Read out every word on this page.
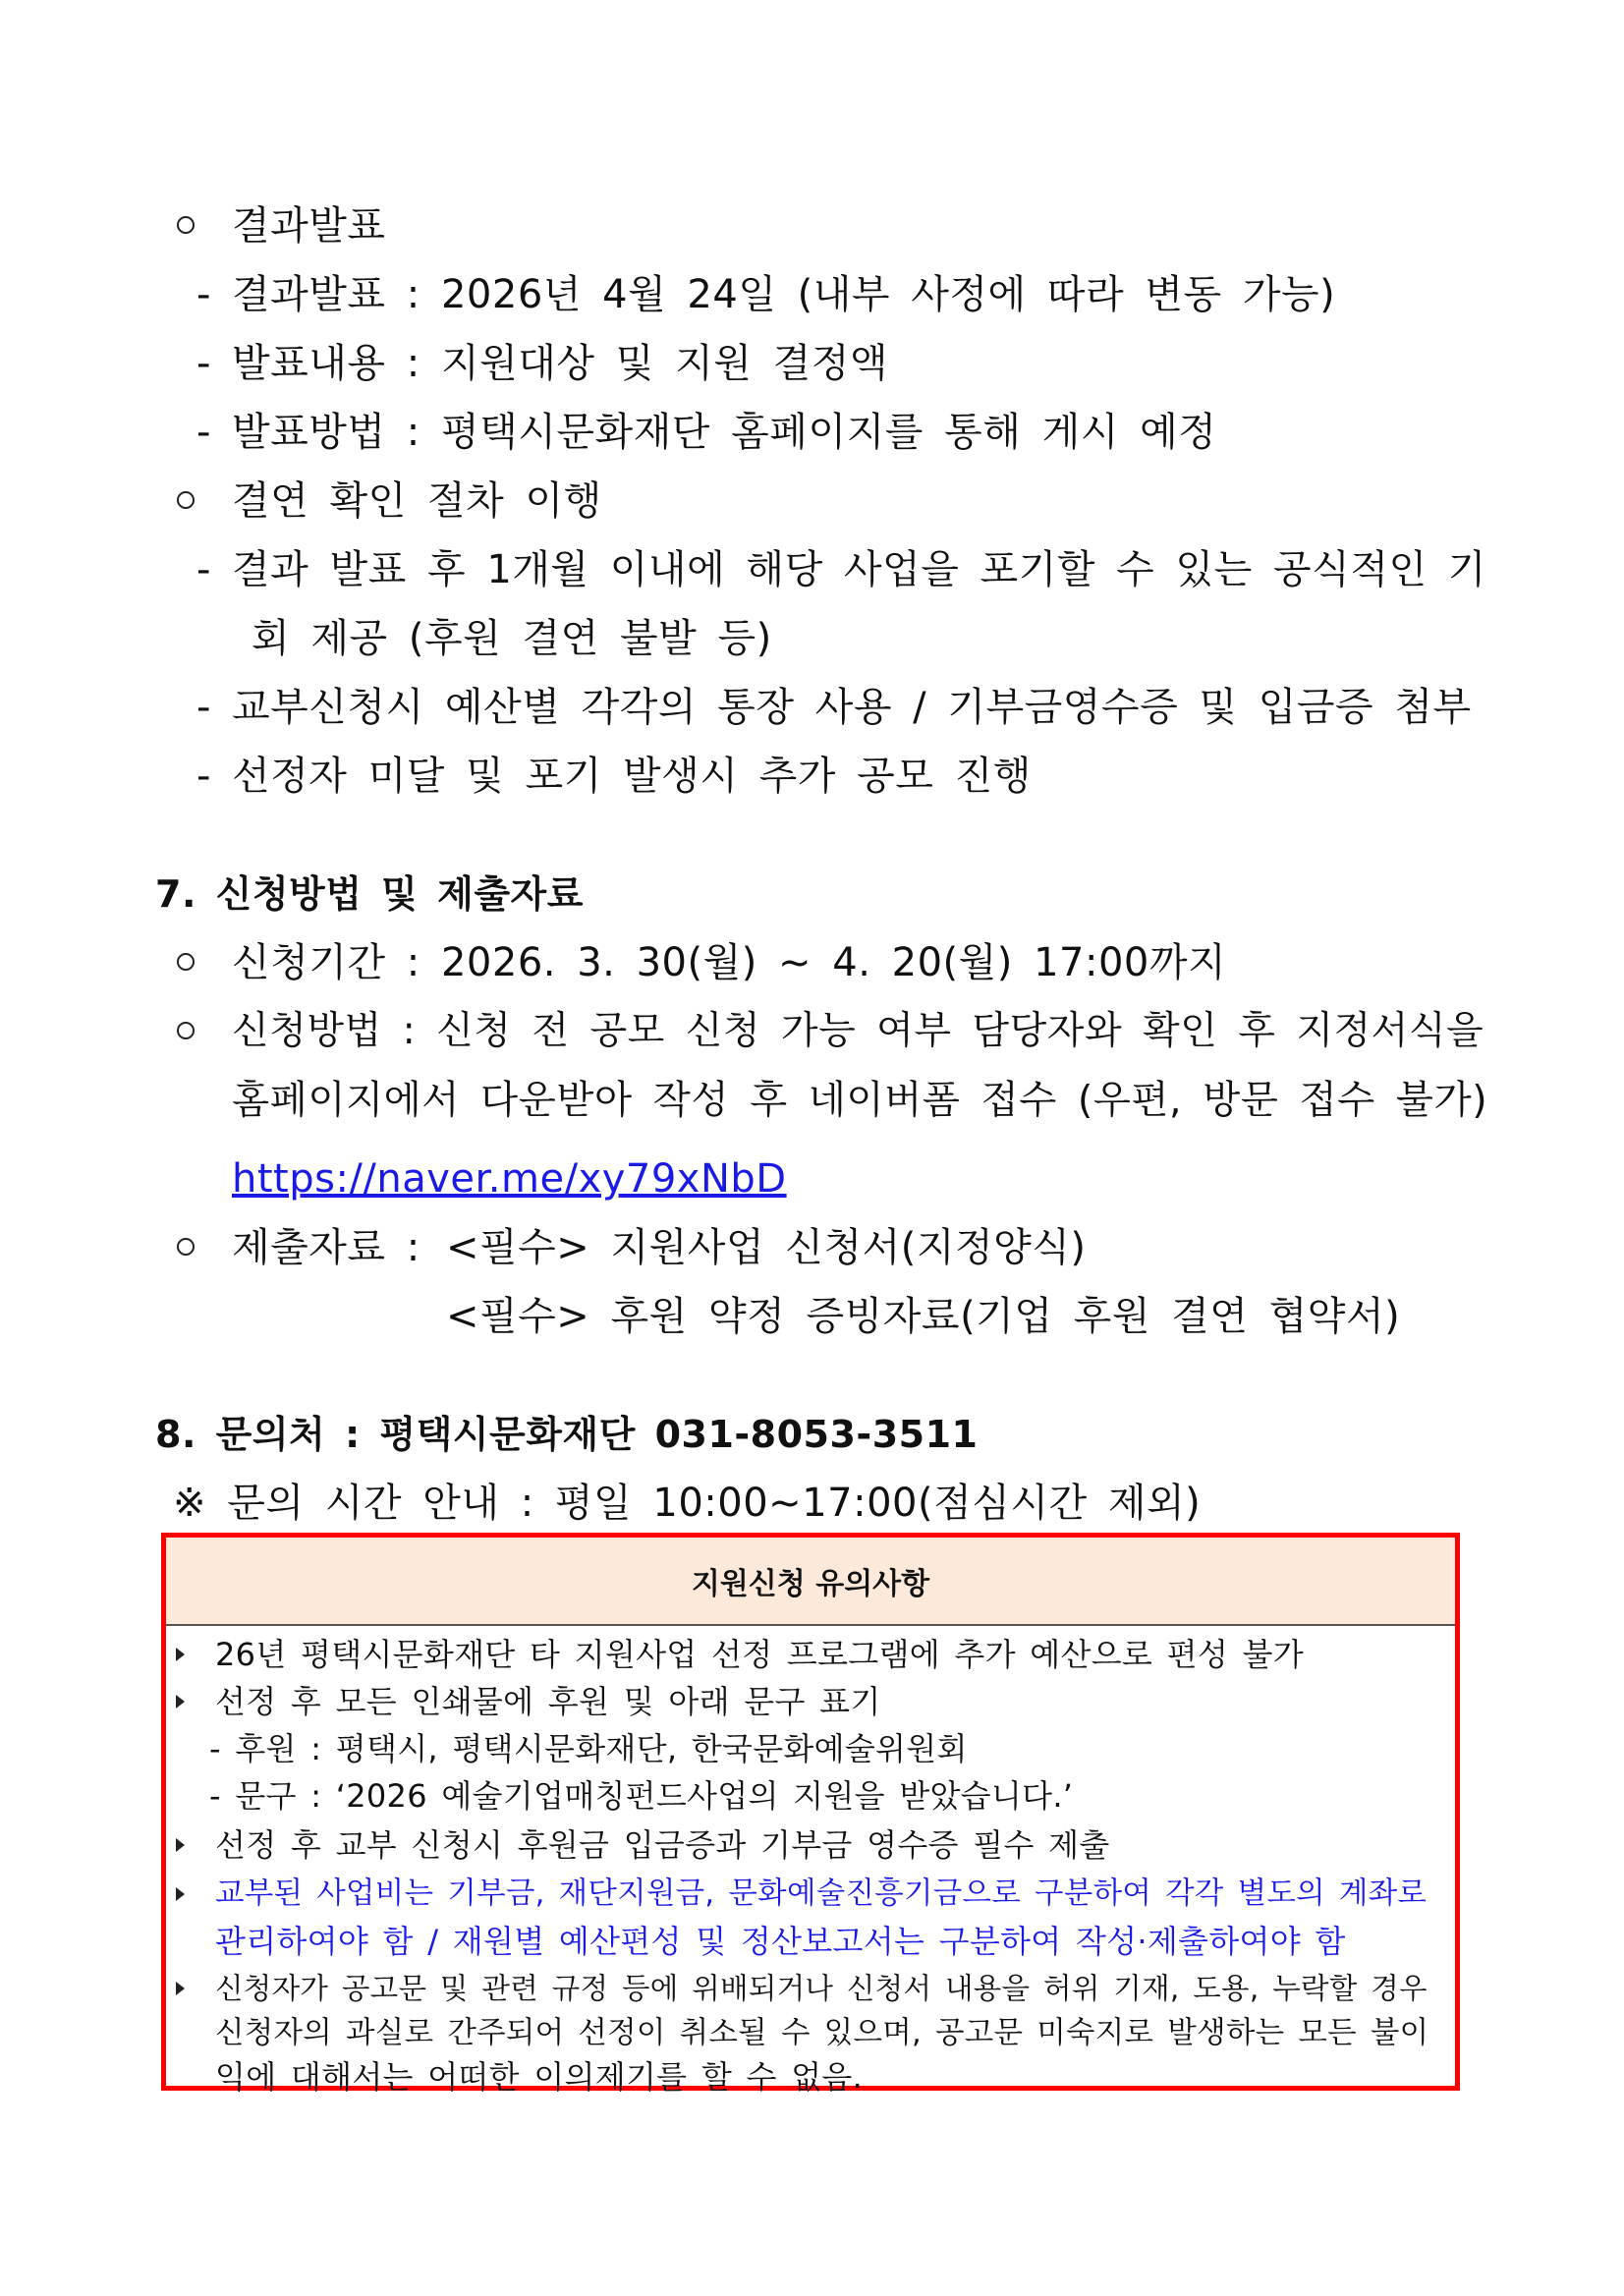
결과발표
- 결과발표 : 2026년 4월 24일 (내부 사정에 따라 변동 가능)
- 발표내용 : 지원대상 및 지원 결정액
- 발표방법 : 평택시문화재단 홈페이지를 통해 게시 예정
결연 확인 절차 이행
- 결과 발표 후 1개월 이내에 해당 사업을 포기할 수 있는 공식적인 기
회 제공 (후원 결연 불발 등)
- 교부신청시 예산별 각각의 통장 사용 / 기부금영수증 및 입금증 첨부
- 선정자 미달 및 포기 발생시 추가 공모 진행
7. 신청방법 및 제출자료
신청기간 : 2026. 3. 30(월) ~ 4. 20(월) 17:00까지
신청방법 : 신청 전 공모 신청 가능 여부 담당자와 확인 후 지정서식을
홈페이지에서 다운받아 작성 후 네이버폼 접수 (우편, 방문 접수 불가)
https://naver.me/xy79xNbD
제출자료 : <필수> 지원사업 신청서(지정양식)
<필수> 후원 약정 증빙자료(기업 후원 결연 협약서)
8. 문의처 : 평택시문화재단 031-8053-3511
※ 문의 시간 안내 : 평일 10:00~17:00(점심시간 제외)
지원신청 유의사항
26년 평택시문화재단 타 지원사업 선정 프로그램에 추가 예산으로 편성 불가
선정 후 모든 인쇄물에 후원 및 아래 문구 표기
- 후원 : 평택시, 평택시문화재단, 한국문화예술위원회
- 문구 : ‘2026 예술기업매칭펀드사업의 지원을 받았습니다.’
선정 후 교부 신청시 후원금 입금증과 기부금 영수증 필수 제출
교부된 사업비는 기부금, 재단지원금, 문화예술진흥기금으로 구분하여 각각 별도의 계좌로
관리하여야 함 / 재원별 예산편성 및 정산보고서는 구분하여 작성·제출하여야 함
신청자가 공고문 및 관련 규정 등에 위배되거나 신청서 내용을 허위 기재, 도용, 누락할 경우
신청자의 과실로 간주되어 선정이 취소될 수 있으며, 공고문 미숙지로 발생하는 모든 불이
익에 대해서는 어떠한 이의제기를 할 수 없음.
